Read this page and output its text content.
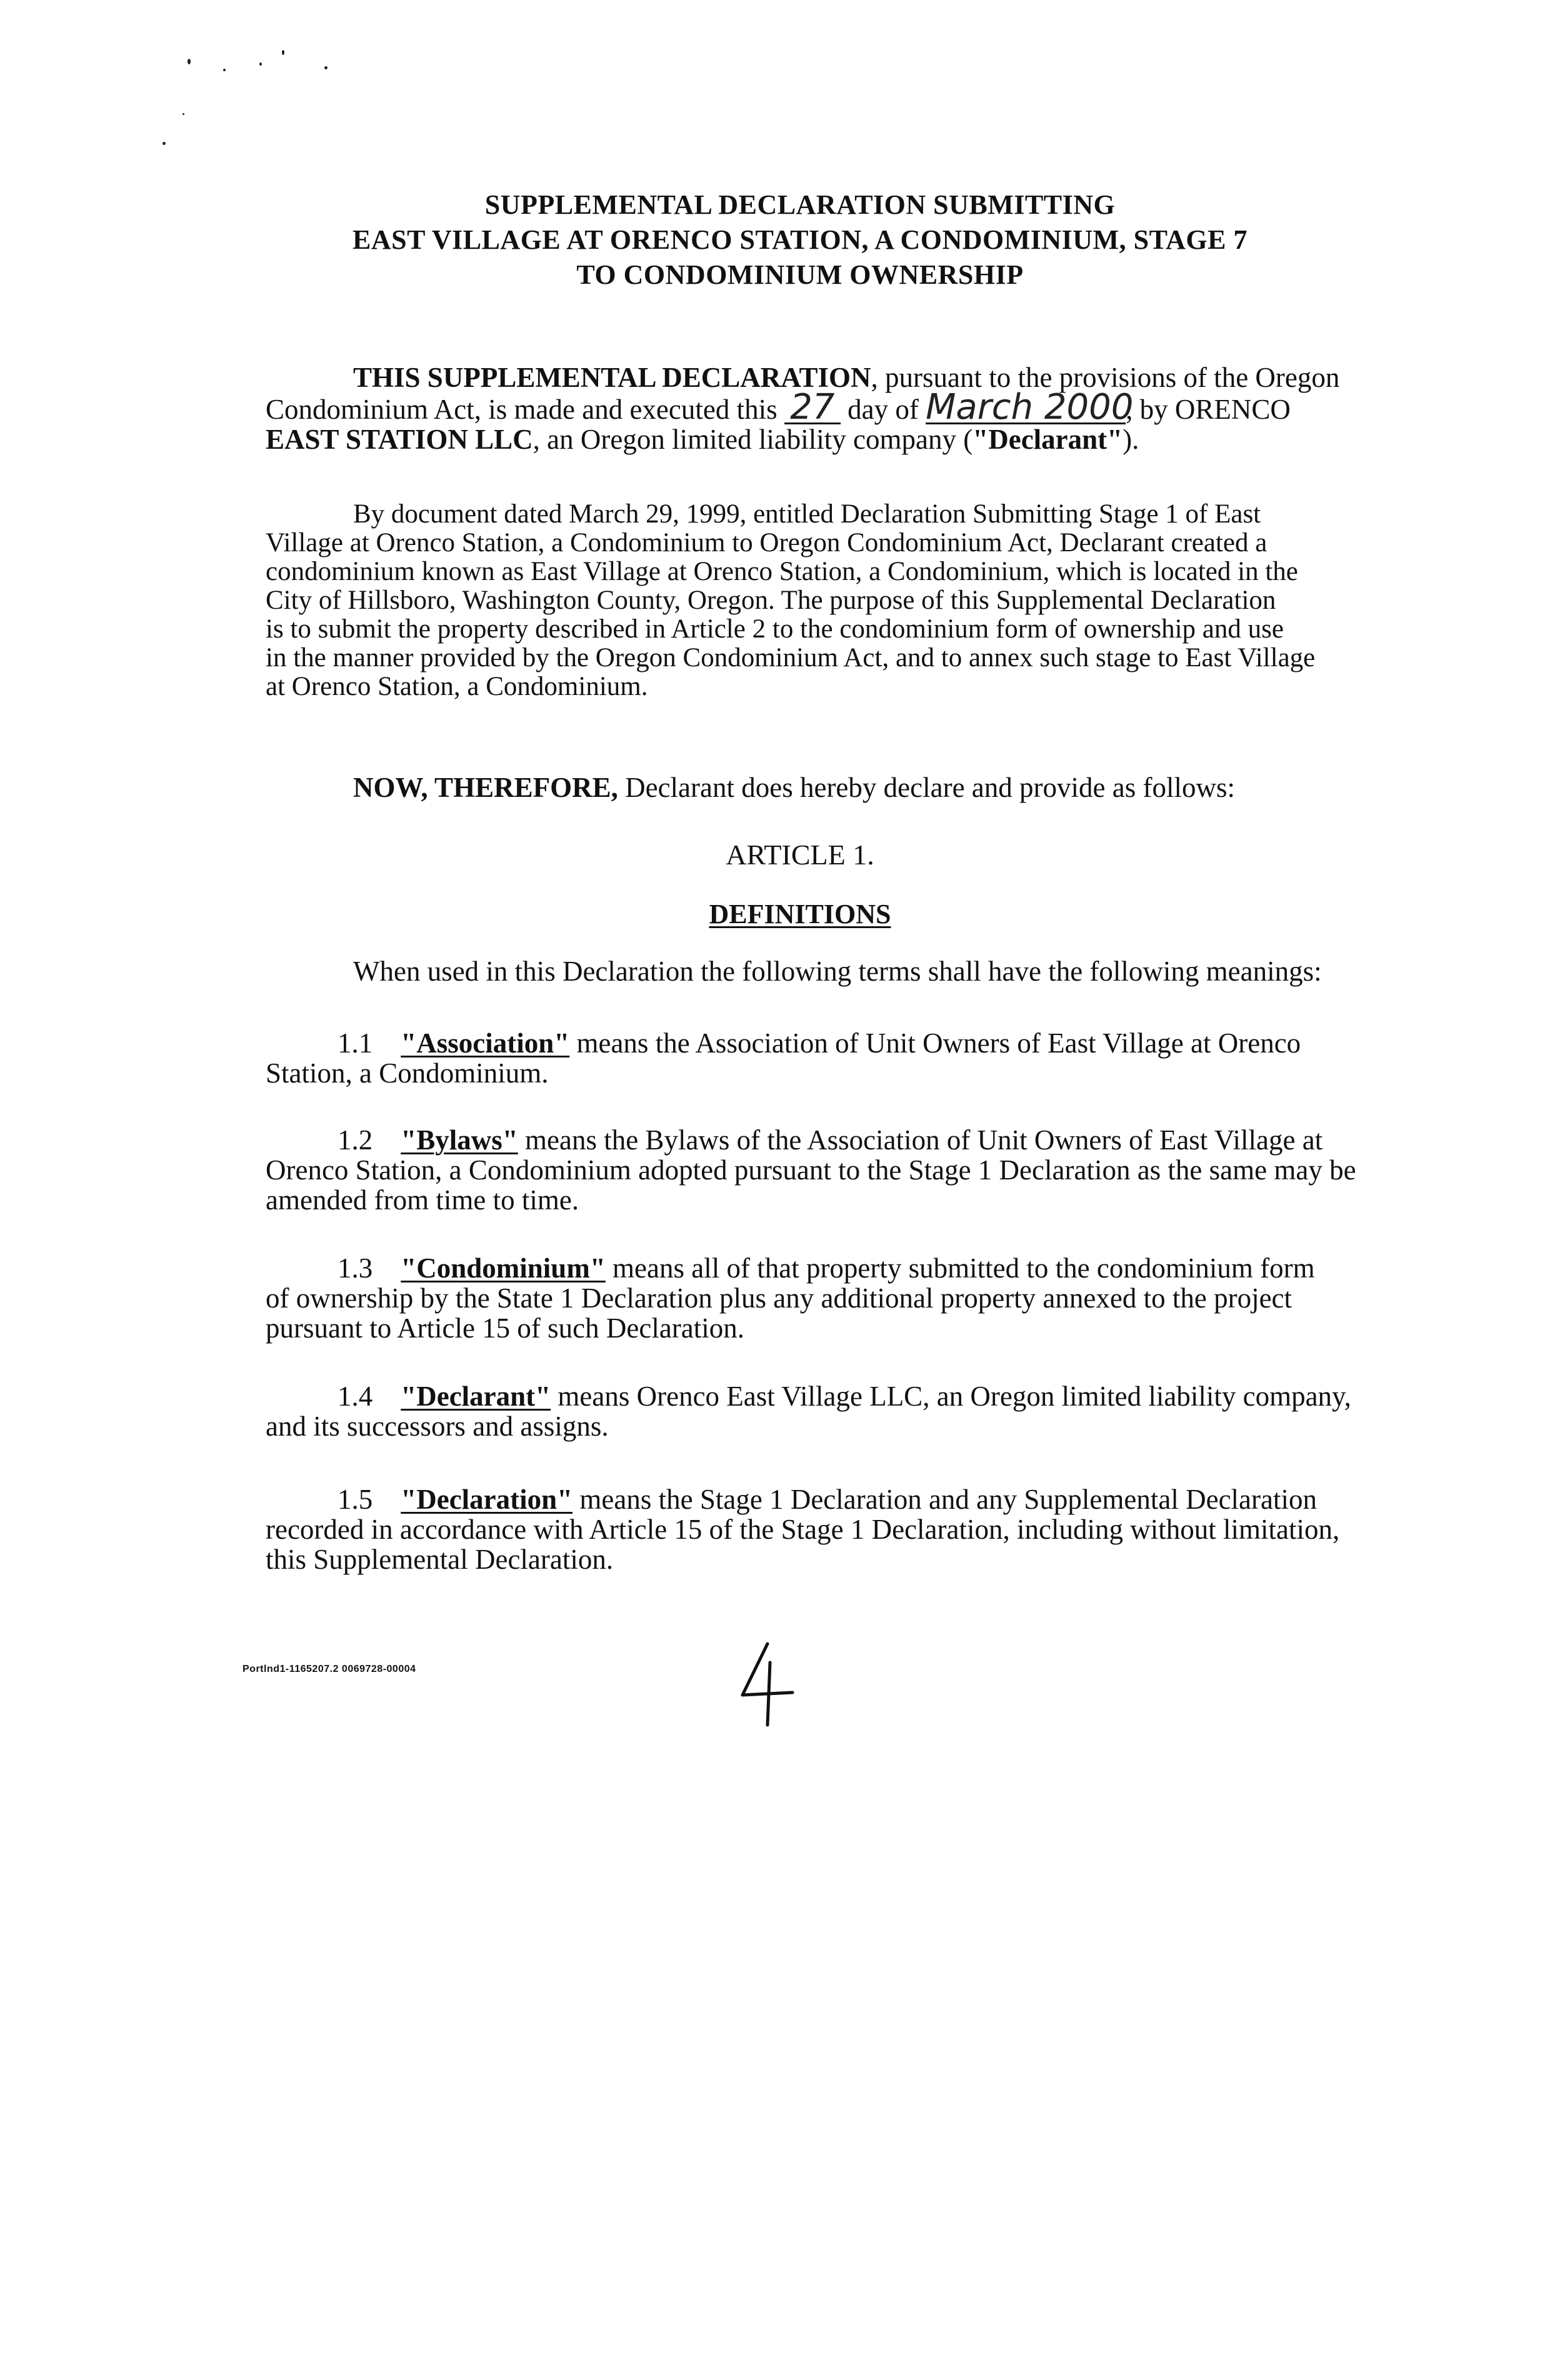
SUPPLEMENTAL DECLARATION SUBMITTING
EAST VILLAGE AT ORENCO STATION, A CONDOMINIUM, STAGE 7
TO CONDOMINIUM OWNERSHIP
THIS SUPPLEMENTAL DECLARATION, pursuant to the provisions of the Oregon
Condominium Act, is made and executed this 27 day of March 2000, by ORENCO
EAST STATION LLC, an Oregon limited liability company ("Declarant").
By document dated March 29, 1999, entitled Declaration Submitting Stage 1 of East
Village at Orenco Station, a Condominium to Oregon Condominium Act, Declarant created a
condominium known as East Village at Orenco Station, a Condominium, which is located in the
City of Hillsboro, Washington County, Oregon. The purpose of this Supplemental Declaration
is to submit the property described in Article 2 to the condominium form of ownership and use
in the manner provided by the Oregon Condominium Act, and to annex such stage to East Village
at Orenco Station, a Condominium.
NOW, THEREFORE, Declarant does hereby declare and provide as follows:
ARTICLE 1.
DEFINITIONS
When used in this Declaration the following terms shall have the following meanings:
1.1 "Association" means the Association of Unit Owners of East Village at Orenco
Station, a Condominium.
1.2 "Bylaws" means the Bylaws of the Association of Unit Owners of East Village at
Orenco Station, a Condominium adopted pursuant to the Stage 1 Declaration as the same may be
amended from time to time.
1.3 "Condominium" means all of that property submitted to the condominium form
of ownership by the State 1 Declaration plus any additional property annexed to the project
pursuant to Article 15 of such Declaration.
1.4 "Declarant" means Orenco East Village LLC, an Oregon limited liability company,
and its successors and assigns.
1.5 "Declaration" means the Stage 1 Declaration and any Supplemental Declaration
recorded in accordance with Article 15 of the Stage 1 Declaration, including without limitation,
this Supplemental Declaration.
Portlnd1-1165207.2 0069728-00004
